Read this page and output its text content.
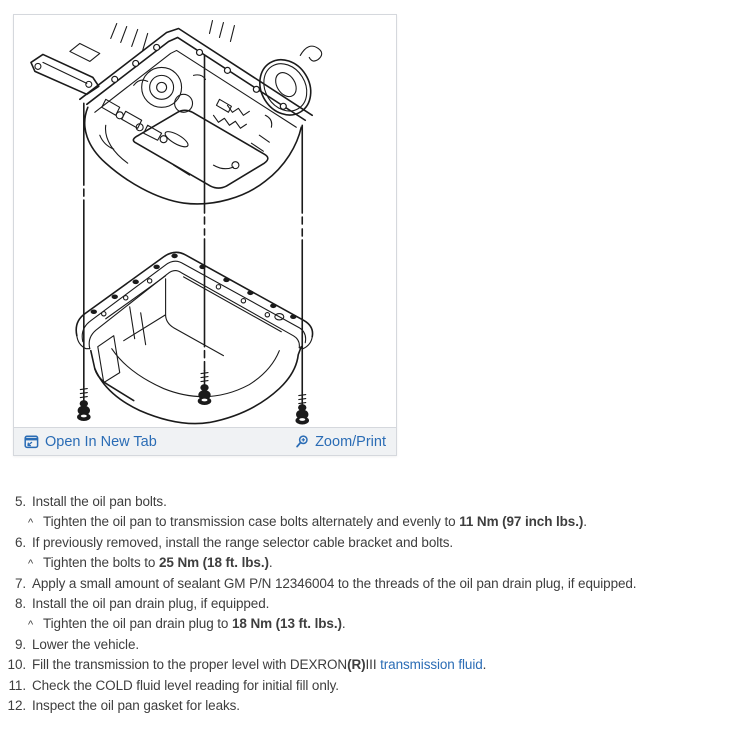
Open In New Tab	Zoom/Print
5. Install the oil pan bolts.
^ Tighten the oil pan to transmission case bolts alternately and evenly to 11 Nm (97 inch lbs.).
6. If previously removed, install the range selector cable bracket and bolts.
^ Tighten the bolts to 25 Nm (18 ft. lbs.).
7. Apply a small amount of sealant GM P/N 12346004 to the threads of the oil pan drain plug, if equipped.
8. Install the oil pan drain plug, if equipped.
^ Tighten the oil pan drain plug to 18 Nm (13 ft. lbs.).
9. Lower the vehicle.
10. Fill the transmission to the proper level with DEXRON(R)III transmission fluid.
11. Check the COLD fluid level reading for initial fill only.
12. Inspect the oil pan gasket for leaks.
